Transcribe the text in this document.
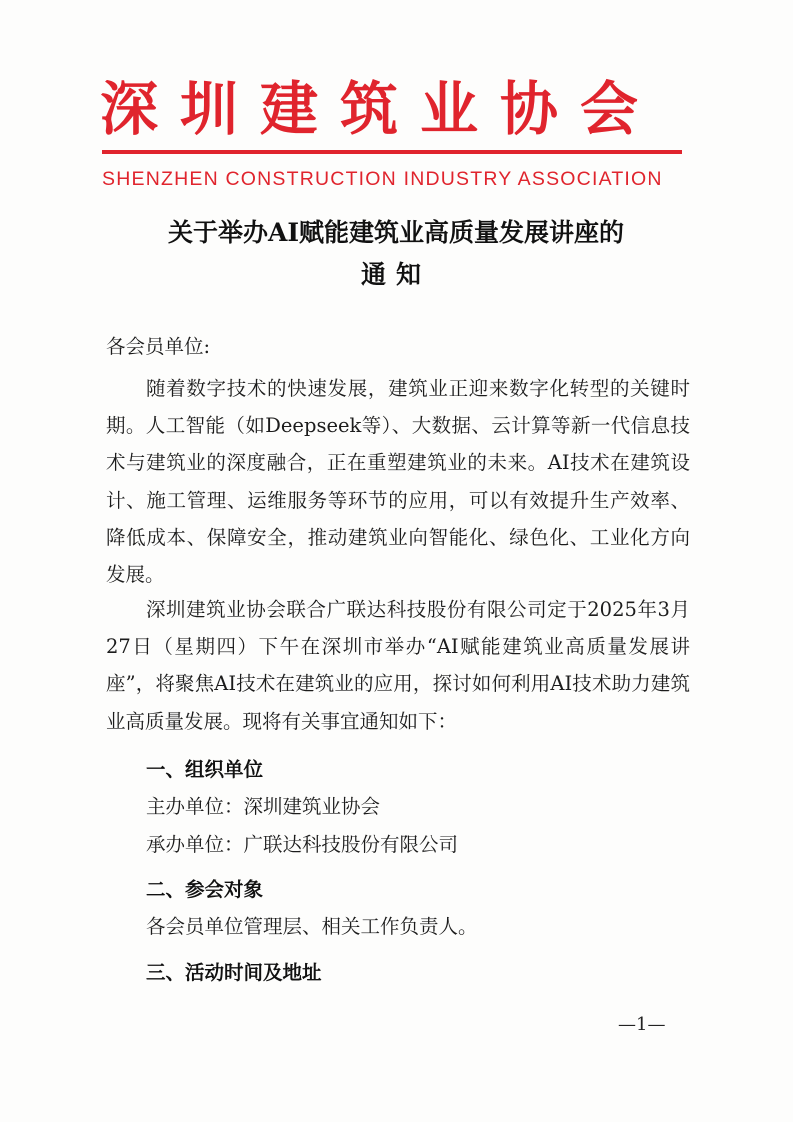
深圳建筑业协会
SHENZHEN CONSTRUCTION INDUSTRY ASSOCIATION
关于举办AI赋能建筑业高质量发展讲座的
通知
各会员单位:

随着数字技术的快速发展，建筑业正迎来数字化转型的关键时期。人工智能（如Deepseek等）、大数据、云计算等新一代信息技术与建筑业的深度融合，正在重塑建筑业的未来。AI技术在建筑设计、施工管理、运维服务等环节的应用，可以有效提升生产效率、降低成本、保障安全，推动建筑业向智能化、绿色化、工业化方向发展。

深圳建筑业协会联合广联达科技股份有限公司定于2025年3月27日（星期四）下午在深圳市举办“AI赋能建筑业高质量发展讲座”，将聚焦AI技术在建筑业的应用，探讨如何利用AI技术助力建筑业高质量发展。现将有关事宜通知如下：

一、组织单位
主办单位：深圳建筑业协会
承办单位：广联达科技股份有限公司
二、参会对象
各会员单位管理层、相关工作负责人。
三、活动时间及地址
—1—
